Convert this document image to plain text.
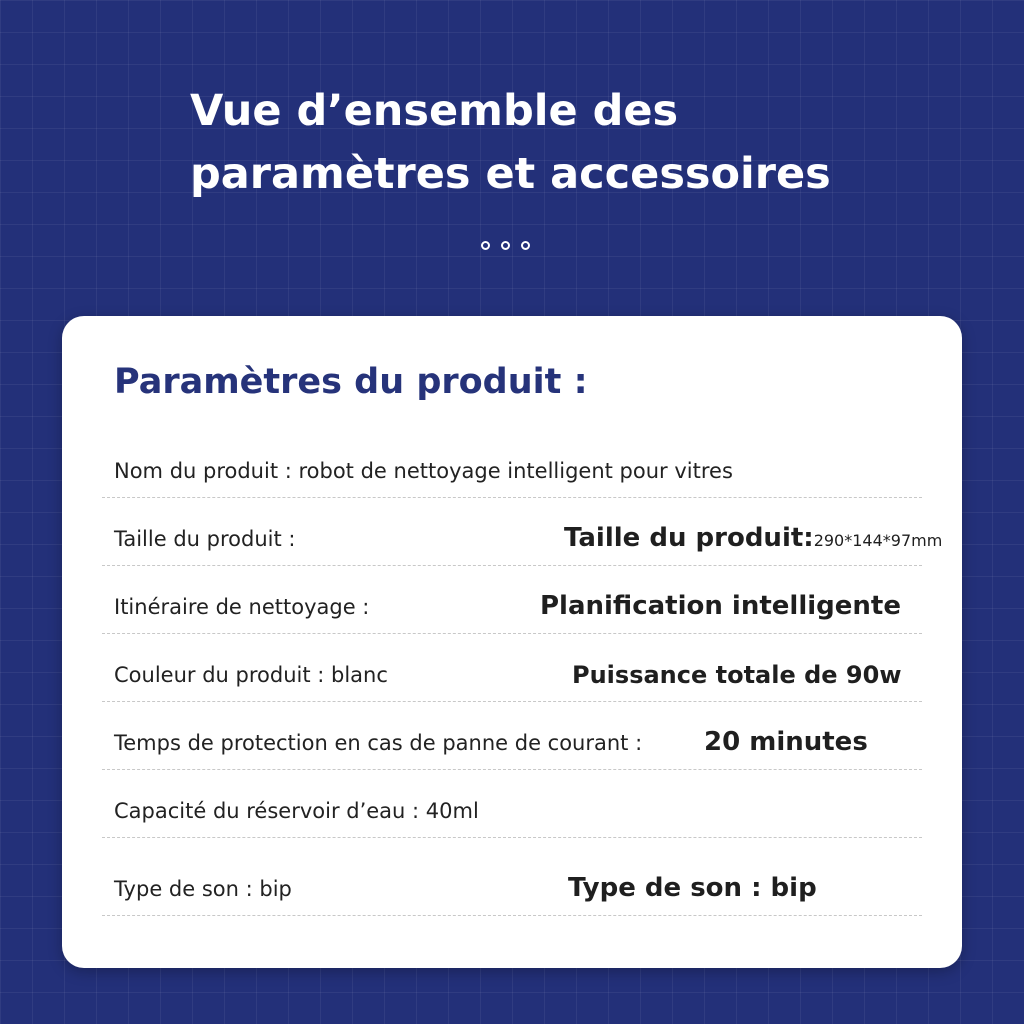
Vue d’ensemble des
paramètres et accessoires
Paramètres du produit :
Nom du produit : robot de nettoyage intelligent pour vitres
Taille du produit :	Taille du produit:290*144*97mm
Itinéraire de nettoyage :	Planification intelligente
Couleur du produit : blanc	Puissance totale de 90w
Temps de protection en cas de panne de courant : 20 minutes
Capacité du réservoir d’eau : 40ml
Type de son : bip	Type de son : bip
